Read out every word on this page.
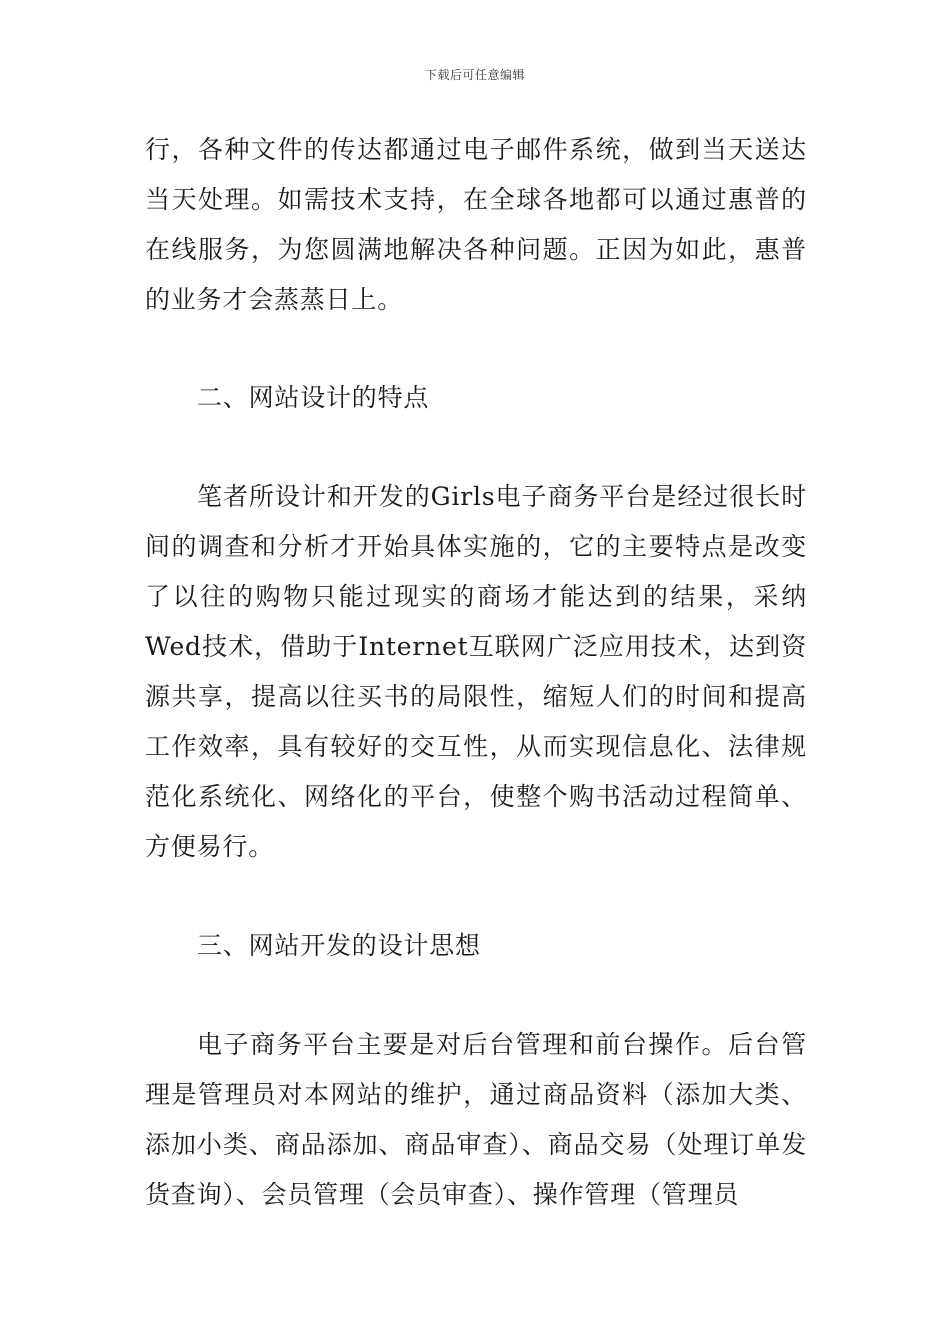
下载后可任意编辑

行，各种文件的传达都通过电子邮件系统，做到当天送达当天处理。如需技术支持，在全球各地都可以通过惠普的在线服务，为您圆满地解决各种问题。正因为如此，惠普的业务才会蒸蒸日上。

二、网站设计的特点

笔者所设计和开发的Girls电子商务平台是经过很长时间的调查和分析才开始具体实施的，它的主要特点是改变了以往的购物只能过现实的商场才能达到的结果，采纳Wed技术，借助于Internet互联网广泛应用技术，达到资源共享，提高以往买书的局限性，缩短人们的时间和提高工作效率，具有较好的交互性，从而实现信息化、法律规范化系统化、网络化的平台，使整个购书活动过程简单、方便易行。

三、网站开发的设计思想

电子商务平台主要是对后台管理和前台操作。后台管理是管理员对本网站的维护，通过商品资料（添加大类、添加小类、商品添加、商品审查）、商品交易（处理订单发货查询）、会员管理（会员审查）、操作管理（管理员
